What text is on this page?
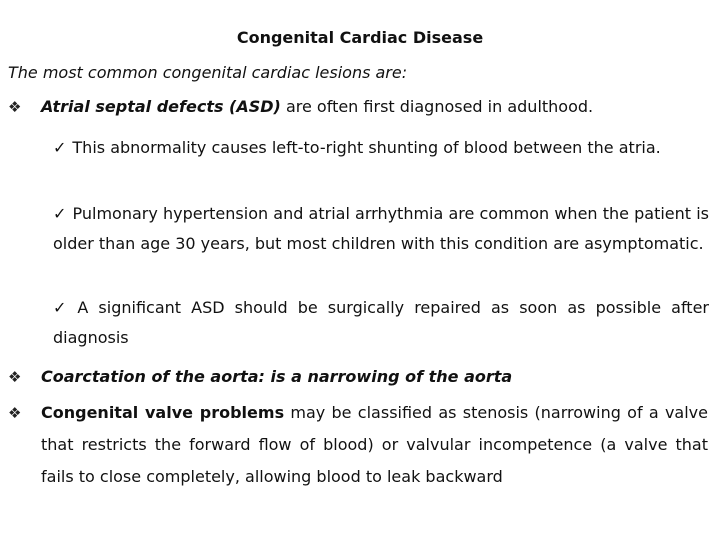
Congenital Cardiac Disease
The most common congenital cardiac lesions are:
❖	Atrial septal defects (ASD) are often first diagnosed in adulthood.
✓ This abnormality causes left-to-right shunting of blood between the atria.
✓ Pulmonary hypertension and atrial arrhythmia are common when the patient is older than age 30 years, but most children with this condition are asymptomatic.
✓ A significant ASD should be surgically repaired as soon as possible after diagnosis
❖	Coarctation of the aorta: is a narrowing of the aorta
❖	Congenital valve problems may be classified as stenosis (narrowing of a valve that restricts the forward flow of blood) or valvular incompetence (a valve that fails to close completely, allowing blood to leak backward
